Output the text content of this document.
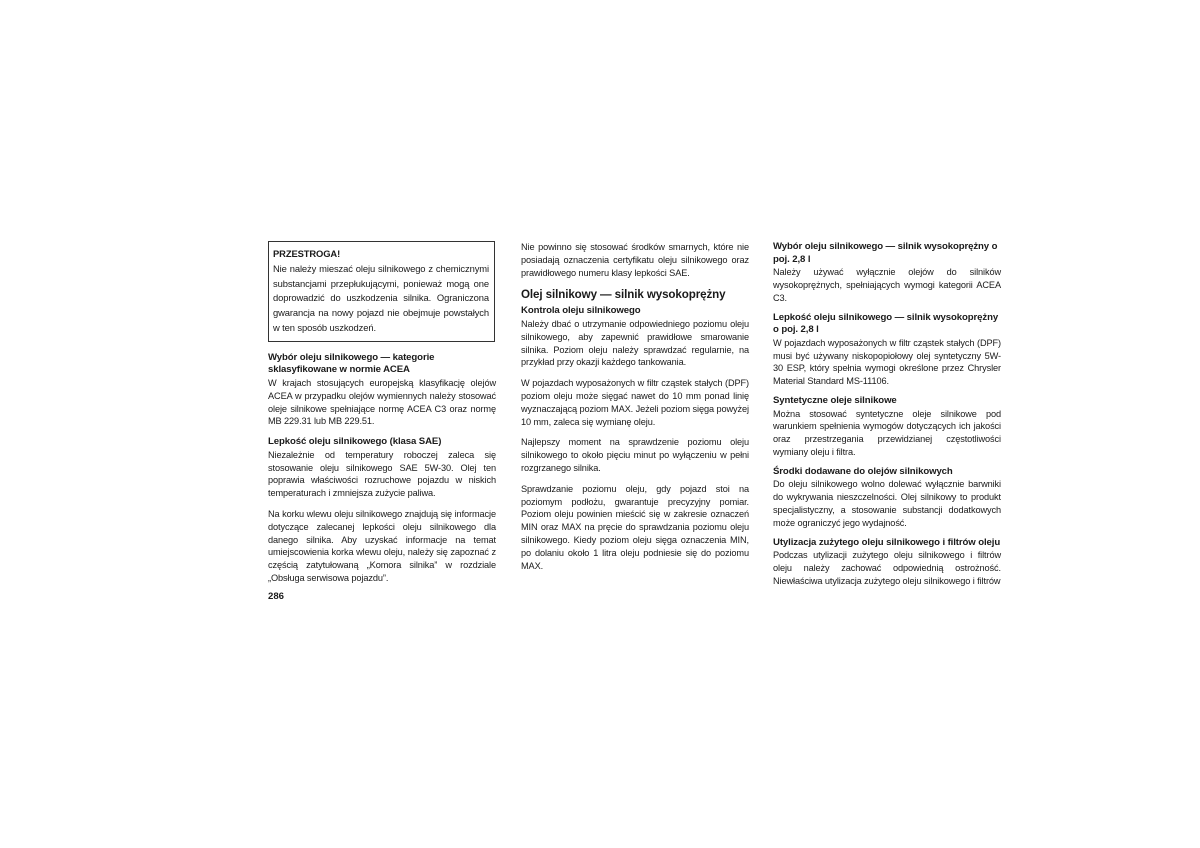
PRZESTROGA!
Nie należy mieszać oleju silnikowego z chemicznymi substancjami przepłukującymi, ponieważ mogą one doprowadzić do uszkodzenia silnika. Ograniczona gwarancja na nowy pojazd nie obejmuje powstałych w ten sposób uszkodzeń.
Wybór oleju silnikowego — kategorie sklasyfikowane w normie ACEA

W krajach stosujących europejską klasyfikację olejów ACEA w przypadku olejów wymiennych należy stosować oleje silnikowe spełniające normę ACEA C3 oraz normę MB 229.31 lub MB 229.51.

Lepkość oleju silnikowego (klasa SAE)

Niezależnie od temperatury roboczej zaleca się stosowanie oleju silnikowego SAE 5W-30. Olej ten poprawia właściwości rozruchowe pojazdu w niskich temperaturach i zmniejsza zużycie paliwa.

Na korku wlewu oleju silnikowego znajdują się informacje dotyczące zalecanej lepkości oleju silnikowego dla danego silnika. Aby uzyskać informacje na temat umiejscowienia korka wlewu oleju, należy się zapoznać z częścią zatytułowaną „Komora silnika” w rozdziale „Obsługa serwisowa pojazdu”.

Nie powinno się stosować środków smarnych, które nie posiadają oznaczenia certyfikatu oleju silnikowego oraz prawidłowego numeru klasy lepkości SAE.

Olej silnikowy — silnik wysokoprężny
Kontrola oleju silnikowego

Należy dbać o utrzymanie odpowiedniego poziomu oleju silnikowego, aby zapewnić prawidłowe smarowanie silnika. Poziom oleju należy sprawdzać regularnie, na przykład przy okazji każdego tankowania.

W pojazdach wyposażonych w filtr cząstek stałych (DPF) poziom oleju może sięgać nawet do 10 mm ponad linię wyznaczającą poziom MAX. Jeżeli poziom sięga powyżej 10 mm, zaleca się wymianę oleju.

Najlepszy moment na sprawdzenie poziomu oleju silnikowego to około pięciu minut po wyłączeniu w pełni rozgrzanego silnika.

Sprawdzanie poziomu oleju, gdy pojazd stoi na poziomym podłożu, gwarantuje precyzyjny pomiar. Poziom oleju powinien mieścić się w zakresie oznaczeń MIN oraz MAX na pręcie do sprawdzania poziomu oleju silnikowego. Kiedy poziom oleju sięga oznaczenia MIN, po dolaniu około 1 litra oleju podniesie się do poziomu MAX.

Wybór oleju silnikowego — silnik wysokoprężny o poj. 2,8 l

Należy używać wyłącznie olejów do silników wysokoprężnych, spełniających wymogi kategorii ACEA C3.

Lepkość oleju silnikowego — silnik wysokoprężny o poj. 2,8 l

W pojazdach wyposażonych w filtr cząstek stałych (DPF) musi być używany niskopopiołowy olej syntetyczny 5W-30 ESP, który spełnia wymogi określone przez Chrysler Material Standard MS-11106.

Syntetyczne oleje silnikowe

Można stosować syntetyczne oleje silnikowe pod warunkiem spełnienia wymogów dotyczących ich jakości oraz przestrzegania przewidzianej częstotliwości wymiany oleju i filtra.

Środki dodawane do olejów silnikowych

Do oleju silnikowego wolno dolewać wyłącznie barwniki do wykrywania nieszczelności. Olej silnikowy to produkt specjalistyczny, a stosowanie substancji dodatkowych może ograniczyć jego wydajność.

Utylizacja zużytego oleju silnikowego i filtrów oleju

Podczas utylizacji zużytego oleju silnikowego i filtrów oleju należy zachować odpowiednią ostrożność. Niewłaściwa utylizacja zużytego oleju silnikowego i filtrów

286
